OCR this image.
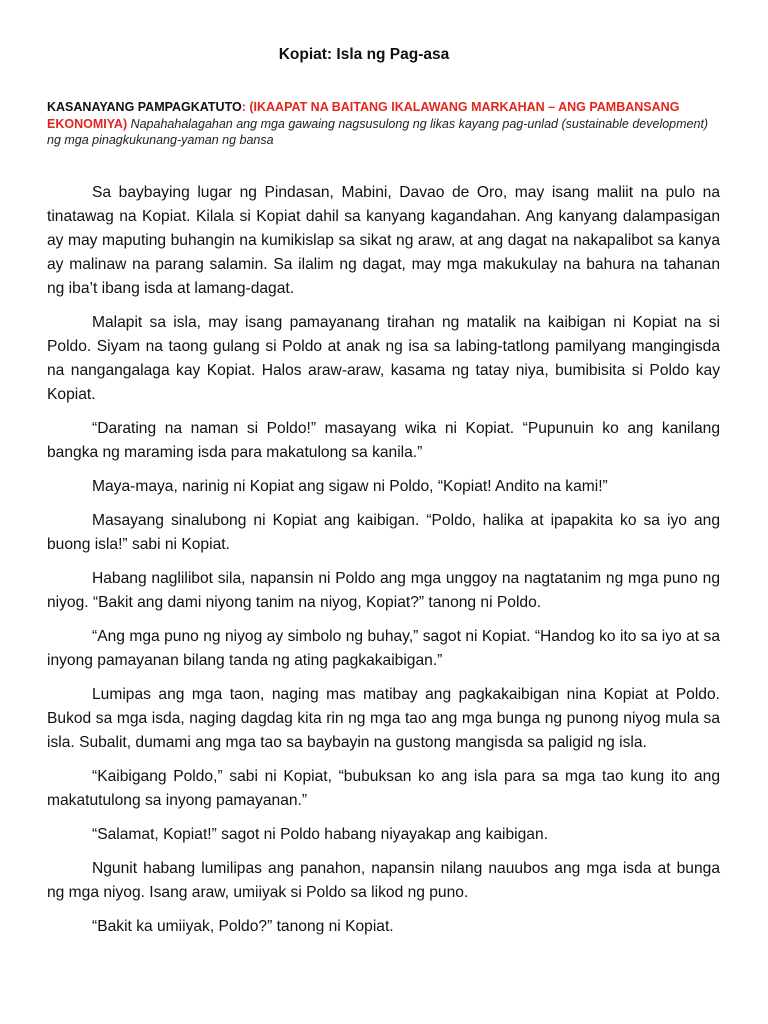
Kopiat: Isla ng Pag-asa

KASANAYANG PAMPAGKATUTO: (IKAAPAT NA BAITANG IKALAWANG MARKAHAN – ANG PAMBANSANG EKONOMIYA) Napahahalagahan ang mga gawaing nagsusulong ng likas kayang pag-unlad (sustainable development) ng mga pinagkukunang-yaman ng bansa

Sa baybaying lugar ng Pindasan, Mabini, Davao de Oro, may isang maliit na pulo na tinatawag na Kopiat. Kilala si Kopiat dahil sa kanyang kagandahan. Ang kanyang dalampasigan ay may maputing buhangin na kumikislap sa sikat ng araw, at ang dagat na nakapalibot sa kanya ay malinaw na parang salamin. Sa ilalim ng dagat, may mga makukulay na bahura na tahanan ng iba’t ibang isda at lamang-dagat.

Malapit sa isla, may isang pamayanang tirahan ng matalik na kaibigan ni Kopiat na si Poldo. Siyam na taong gulang si Poldo at anak ng isa sa labing-tatlong pamilyang mangingisda na nangangalaga kay Kopiat. Halos araw-araw, kasama ng tatay niya, bumibisita si Poldo kay Kopiat.

“Darating na naman si Poldo!” masayang wika ni Kopiat. “Pupunuin ko ang kanilang bangka ng maraming isda para makatulong sa kanila.”

Maya-maya, narinig ni Kopiat ang sigaw ni Poldo, “Kopiat! Andito na kami!”

Masayang sinalubong ni Kopiat ang kaibigan. “Poldo, halika at ipapakita ko sa iyo ang buong isla!” sabi ni Kopiat.

Habang naglilibot sila, napansin ni Poldo ang mga unggoy na nagtatanim ng mga puno ng niyog. “Bakit ang dami niyong tanim na niyog, Kopiat?” tanong ni Poldo.

“Ang mga puno ng niyog ay simbolo ng buhay,” sagot ni Kopiat. “Handog ko ito sa iyo at sa inyong pamayanan bilang tanda ng ating pagkakaibigan.”

Lumipas ang mga taon, naging mas matibay ang pagkakaibigan nina Kopiat at Poldo. Bukod sa mga isda, naging dagdag kita rin ng mga tao ang mga bunga ng punong niyog mula sa isla. Subalit, dumami ang mga tao sa baybayin na gustong mangisda sa paligid ng isla.

“Kaibigang Poldo,” sabi ni Kopiat, “bubuksan ko ang isla para sa mga tao kung ito ang makatutulong sa inyong pamayanan.”

“Salamat, Kopiat!” sagot ni Poldo habang niyayakap ang kaibigan.

Ngunit habang lumilipas ang panahon, napansin nilang nauubos ang mga isda at bunga ng mga niyog. Isang araw, umiiyak si Poldo sa likod ng puno.

“Bakit ka umiiyak, Poldo?” tanong ni Kopiat.
